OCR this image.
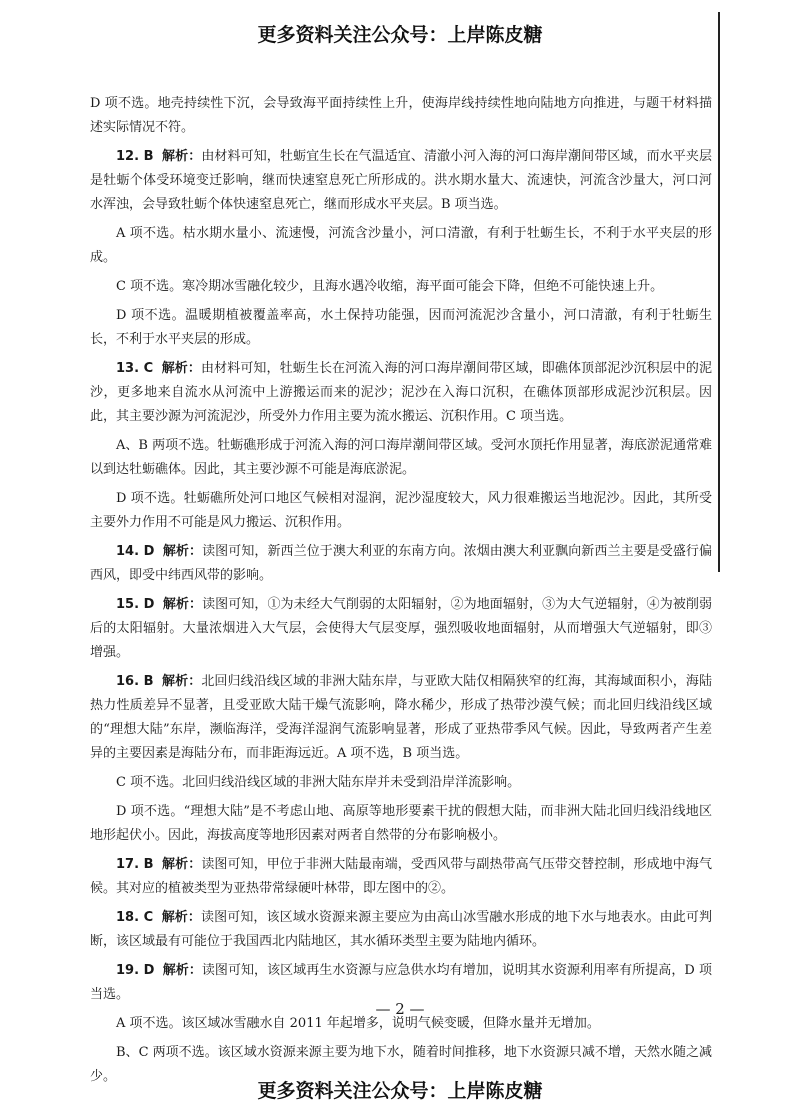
更多资料关注公众号：上岸陈皮糖

D 项不选。地壳持续性下沉，会导致海平面持续性上升，使海岸线持续性地向陆地方向推进，与题干材料描述实际情况不符。

12. B 解析：由材料可知，牡蛎宜生长在气温适宜、清澈小河入海的河口海岸潮间带区域，而水平夹层是牡蛎个体受环境变迁影响，继而快速窒息死亡所形成的。洪水期水量大、流速快，河流含沙量大，河口河水浑浊，会导致牡蛎个体快速窒息死亡，继而形成水平夹层。B 项当选。

A 项不选。枯水期水量小、流速慢，河流含沙量小，河口清澈，有利于牡蛎生长，不利于水平夹层的形成。

C 项不选。寒冷期冰雪融化较少，且海水遇冷收缩，海平面可能会下降，但绝不可能快速上升。

D 项不选。温暖期植被覆盖率高，水土保持功能强，因而河流泥沙含量小，河口清澈，有利于牡蛎生长，不利于水平夹层的形成。

13. C 解析：由材料可知，牡蛎生长在河流入海的河口海岸潮间带区域，即礁体顶部泥沙沉积层中的泥沙，更多地来自流水从河流中上游搬运而来的泥沙；泥沙在入海口沉积，在礁体顶部形成泥沙沉积层。因此，其主要沙源为河流泥沙，所受外力作用主要为流水搬运、沉积作用。C 项当选。

A、B 两项不选。牡蛎礁形成于河流入海的河口海岸潮间带区域。受河水顶托作用显著，海底淤泥通常难以到达牡蛎礁体。因此，其主要沙源不可能是海底淤泥。

D 项不选。牡蛎礁所处河口地区气候相对湿润，泥沙湿度较大，风力很难搬运当地泥沙。因此，其所受主要外力作用不可能是风力搬运、沉积作用。

14. D 解析：读图可知，新西兰位于澳大利亚的东南方向。浓烟由澳大利亚飘向新西兰主要是受盛行偏西风，即受中纬西风带的影响。

15. D 解析：读图可知，①为未经大气削弱的太阳辐射，②为地面辐射，③为大气逆辐射，④为被削弱后的太阳辐射。大量浓烟进入大气层，会使得大气层变厚，强烈吸收地面辐射，从而增强大气逆辐射，即③增强。

16. B 解析：北回归线沿线区域的非洲大陆东岸，与亚欧大陆仅相隔狭窄的红海，其海域面积小，海陆热力性质差异不显著，且受亚欧大陆干燥气流影响，降水稀少，形成了热带沙漠气候；而北回归线沿线区域的“理想大陆”东岸，濒临海洋，受海洋湿润气流影响显著，形成了亚热带季风气候。因此，导致两者产生差异的主要因素是海陆分布，而非距海远近。A 项不选，B 项当选。

C 项不选。北回归线沿线区域的非洲大陆东岸并未受到沿岸洋流影响。

D 项不选。“理想大陆”是不考虑山地、高原等地形要素干扰的假想大陆，而非洲大陆北回归线沿线地区地形起伏小。因此，海拔高度等地形因素对两者自然带的分布影响极小。

17. B 解析：读图可知，甲位于非洲大陆最南端，受西风带与副热带高气压带交替控制，形成地中海气候。其对应的植被类型为亚热带常绿硬叶林带，即左图中的②。

18. C 解析：读图可知，该区域水资源来源主要应为由高山冰雪融水形成的地下水与地表水。由此可判断，该区域最有可能位于我国西北内陆地区，其水循环类型主要为陆地内循环。

19. D 解析：读图可知，该区域再生水资源与应急供水均有增加，说明其水资源利用率有所提高，D 项当选。

A 项不选。该区域冰雪融水自 2011 年起增多，说明气候变暖，但降水量并无增加。

B、C 两项不选。该区域水资源来源主要为地下水，随着时间推移，地下水资源只减不增，天然水随之减少。

— 2 —
更多资料关注公众号：上岸陈皮糖
